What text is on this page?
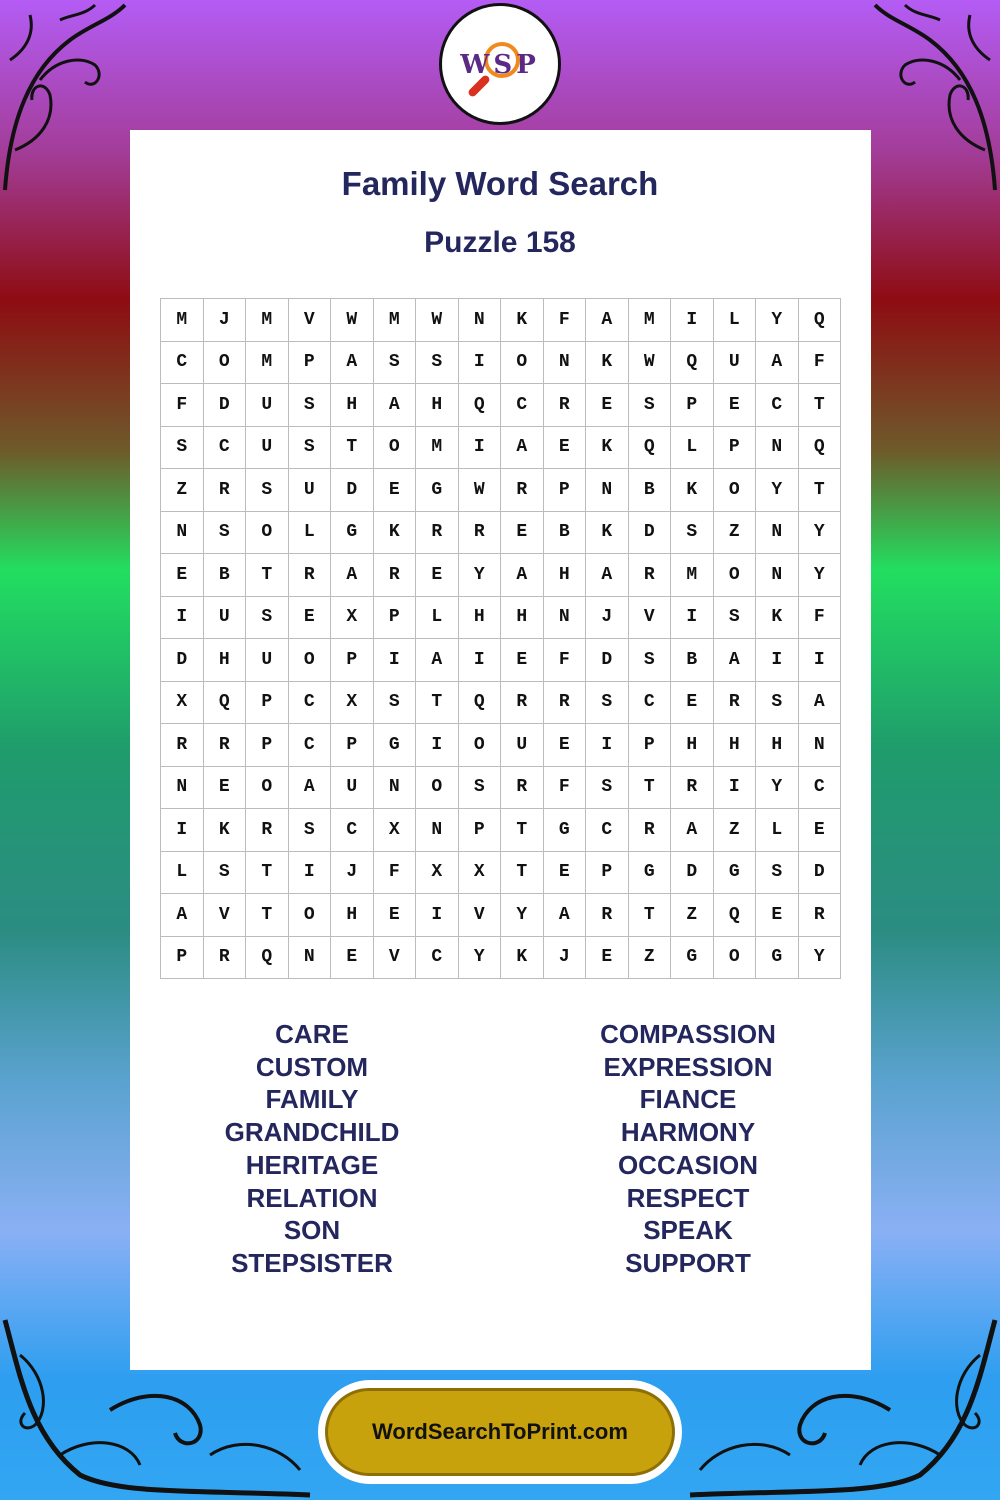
WSP
Family Word Search
Puzzle 158
M	J	M	V	W	M	W	N	K	F	A	M	I	L	Y	Q
C	O	M	P	A	S	S	I	O	N	K	W	Q	U	A	F
F	D	U	S	H	A	H	Q	C	R	E	S	P	E	C	T
S	C	U	S	T	O	M	I	A	E	K	Q	L	P	N	Q
Z	R	S	U	D	E	G	W	R	P	N	B	K	O	Y	T
N	S	O	L	G	K	R	R	E	B	K	D	S	Z	N	Y
E	B	T	R	A	R	E	Y	A	H	A	R	M	O	N	Y
I	U	S	E	X	P	L	H	H	N	J	V	I	S	K	F
D	H	U	O	P	I	A	I	E	F	D	S	B	A	I	I
X	Q	P	C	X	S	T	Q	R	R	S	C	E	R	S	A
R	R	P	C	P	G	I	O	U	E	I	P	H	H	H	N
N	E	O	A	U	N	O	S	R	F	S	T	R	I	Y	C
I	K	R	S	C	X	N	P	T	G	C	R	A	Z	L	E
L	S	T	I	J	F	X	X	T	E	P	G	D	G	S	D
A	V	T	O	H	E	I	V	Y	A	R	T	Z	Q	E	R
P	R	Q	N	E	V	C	Y	K	J	E	Z	G	O	G	Y
CARE
CUSTOM
FAMILY
GRANDCHILD
HERITAGE
RELATION
SON
STEPSISTER
COMPASSION
EXPRESSION
FIANCE
HARMONY
OCCASION
RESPECT
SPEAK
SUPPORT
WordSearchToPrint.com
